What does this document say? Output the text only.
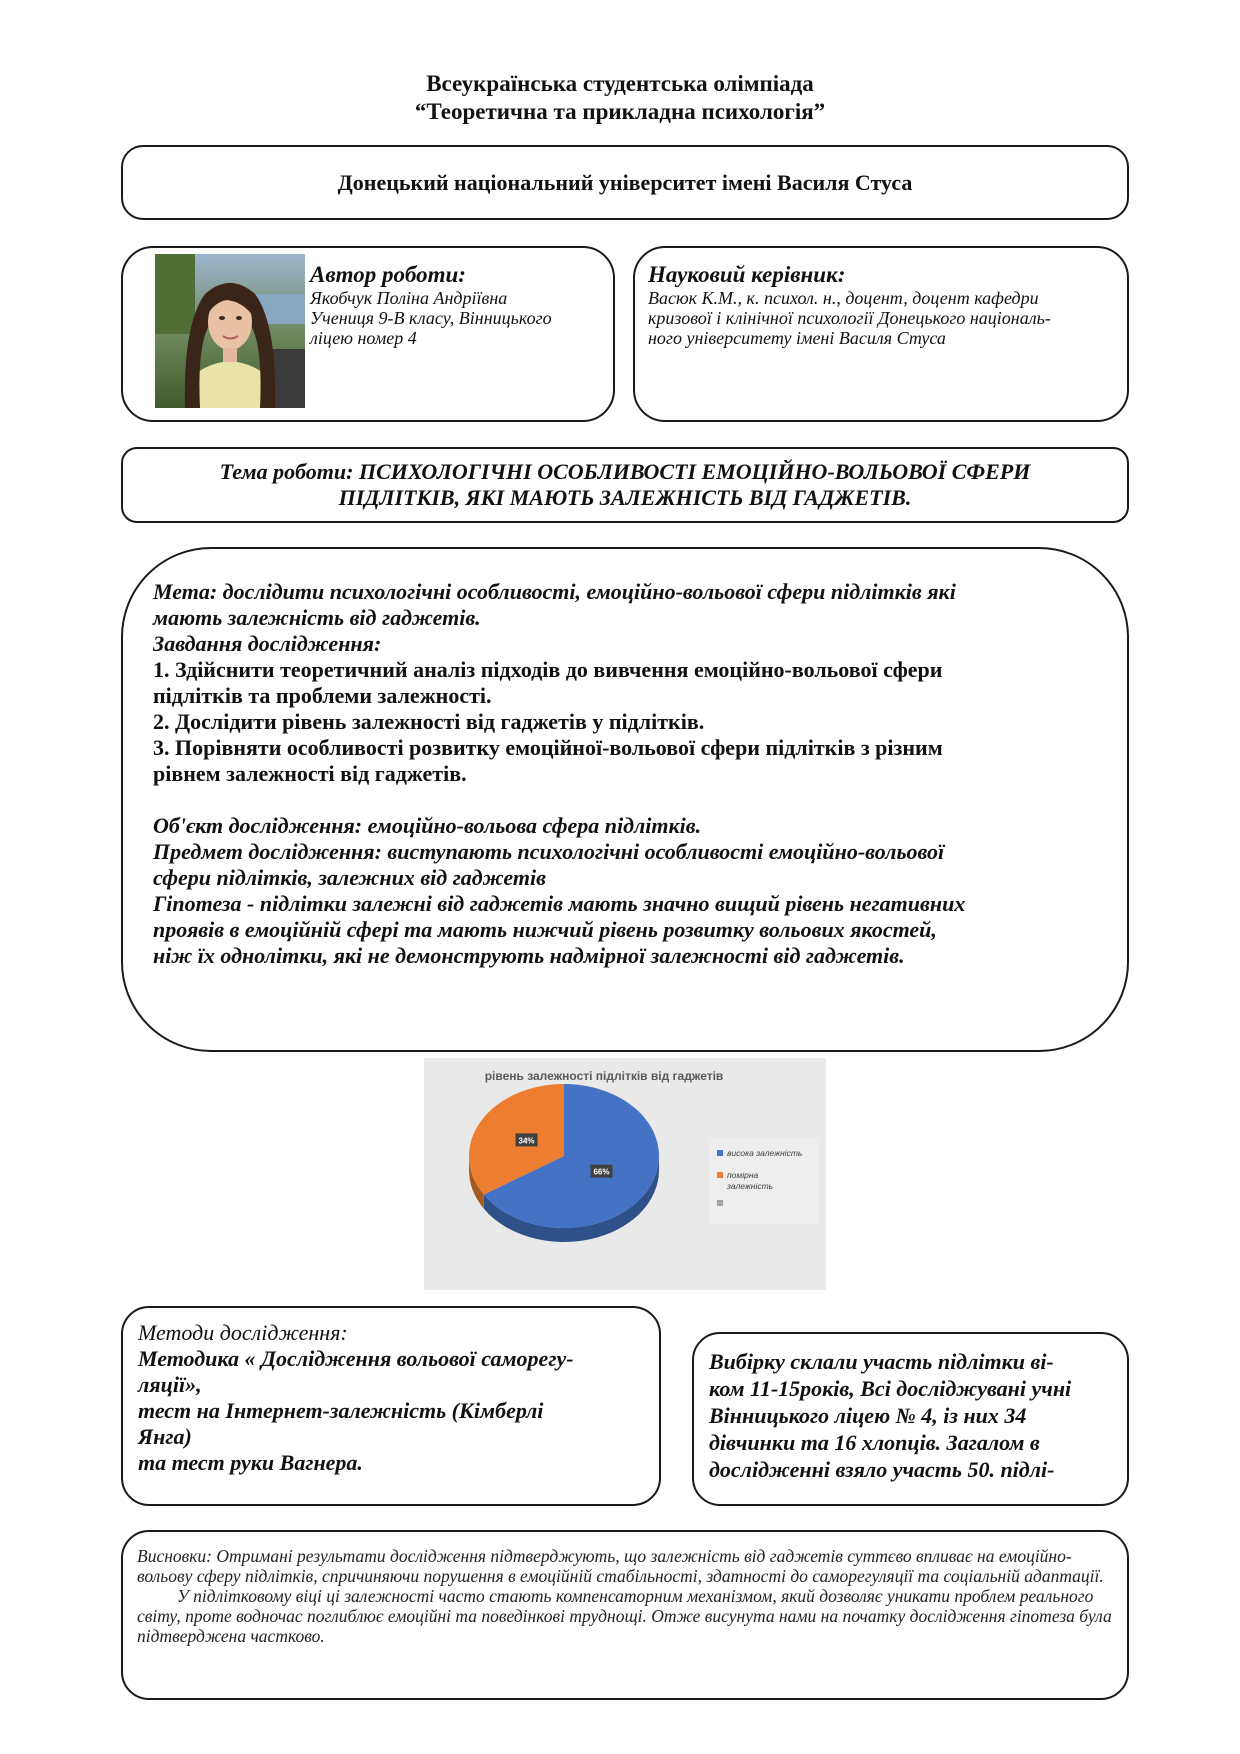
Всеукраїнська студентська олімпіада
“Теоретична та прикладна психологія”
Донецький національний університет імені Василя Стуса
Автор роботи:
Якобчук Поліна Андріївна
Учениця 9-В класу, Вінницького
ліцею номер 4
Науковий керівник:
Васюк К.М., к. психол. н., доцент, доцент кафедри
кризової і клінічної психології Донецького національ-
ного університету імені Василя Стуса
Тема роботи: ПСИХОЛОГІЧНІ ОСОБЛИВОСТІ ЕМОЦІЙНО-ВОЛЬОВОЇ СФЕРИ
ПІДЛІТКІВ, ЯКІ МАЮТЬ ЗАЛЕЖНІСТЬ ВІД ГАДЖЕТІВ.
Мета: дослідити психологічні особливості, емоційно-вольової сфери підлітків які
мають залежність від гаджетів.
Завдання дослідження:
1. Здійснити теоретичний аналіз підходів до вивчення емоційно-вольової сфери
підлітків та проблеми залежності.
2. Дослідити рівень залежності від гаджетів у підлітків.
3. Порівняти особливості розвитку емоційної-вольової сфери підлітків з різним
рівнем залежності від гаджетів.
Об'єкт дослідження: емоційно-вольова сфера підлітків.
Предмет дослідження: виступають психологічні особливості емоційно-вольової
сфери підлітків, залежних від гаджетів
Гіпотеза - підлітки залежні від гаджетів мають значно вищий рівень негативних
проявів в емоційній сфері та мають нижчий рівень розвитку вольових якостей,
ніж їх однолітки, які не демонструють надмірної залежності від гаджетів.
рівень залежності підлітків від гаджетів
66%
34%
висока залежність
помірна
залежність
Методи дослідження:
Методика « Дослідження вольової саморегу-
ляції»,
тест на Інтернет-залежність (Кімберлі
Янга)
та тест руки Вагнера.
Вибірку склали участь підлітки ві-
ком 11-15років, Всі досліджувані учні
Вінницького ліцею № 4, із них 34
дівчинки та 16 хлопців. Загалом в
дослідженні взяло участь 50. підлі-

Висновки: Отримані результати дослідження підтверджують, що залежність від гаджетів суттєво впливає на емоційно-вольову сферу підлітків, спричиняючи порушення в емоційній стабільності, здатності до саморегуляції та соціальній адаптації.

У підлітковому віці ці залежності часто стають компенсаторним механізмом, який дозволяє уникати проблем реального світу, проте водночас поглиблює емоційні та поведінкові труднощі. Отже висунута нами на початку дослідження гіпотеза була підтверджена частково.
